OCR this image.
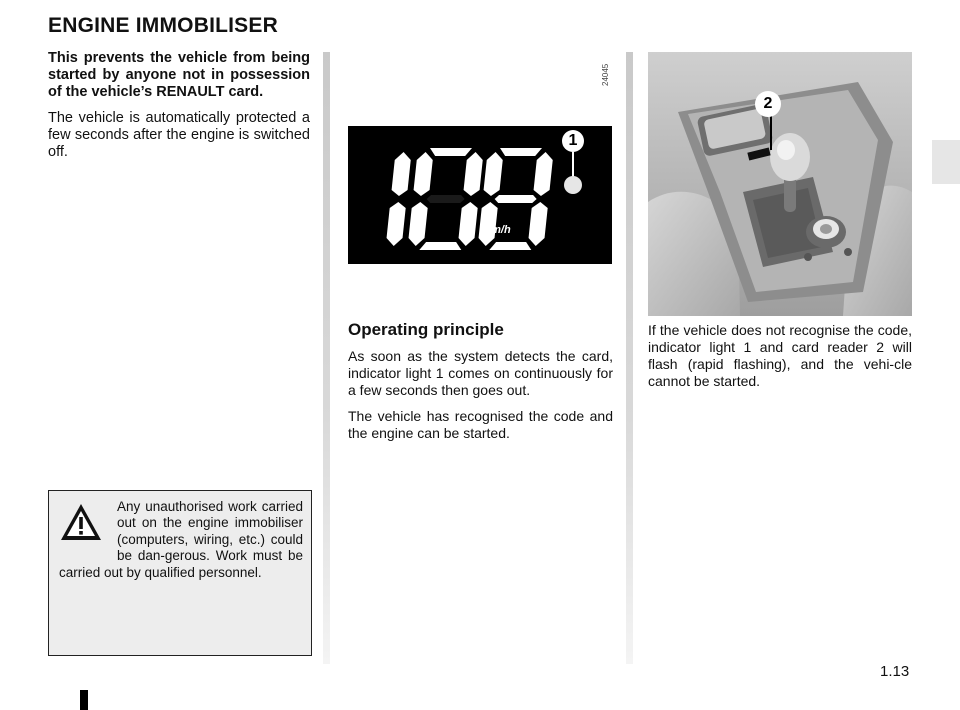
ENGINE IMMOBILISER

This prevents the vehicle from being started by anyone not in possession of the vehicle’s RENAULT card.

The vehicle is automatically protected a few seconds after the engine is switched off.

24045
km/h
1
Operating principle

As soon as the system detects the card, indicator light 1 comes on continuously for a few seconds then goes out.

The vehicle has recognised the code and the engine can be started.

2

If the vehicle does not recognise the code, indicator light 1 and card reader 2 will flash (rapid flashing), and the vehi-cle cannot be started.

Any unauthorised work carried out on the engine immobiliser (computers, wiring, etc.) could be dan-gerous. Work must be carried out by qualified personnel.

1.13
